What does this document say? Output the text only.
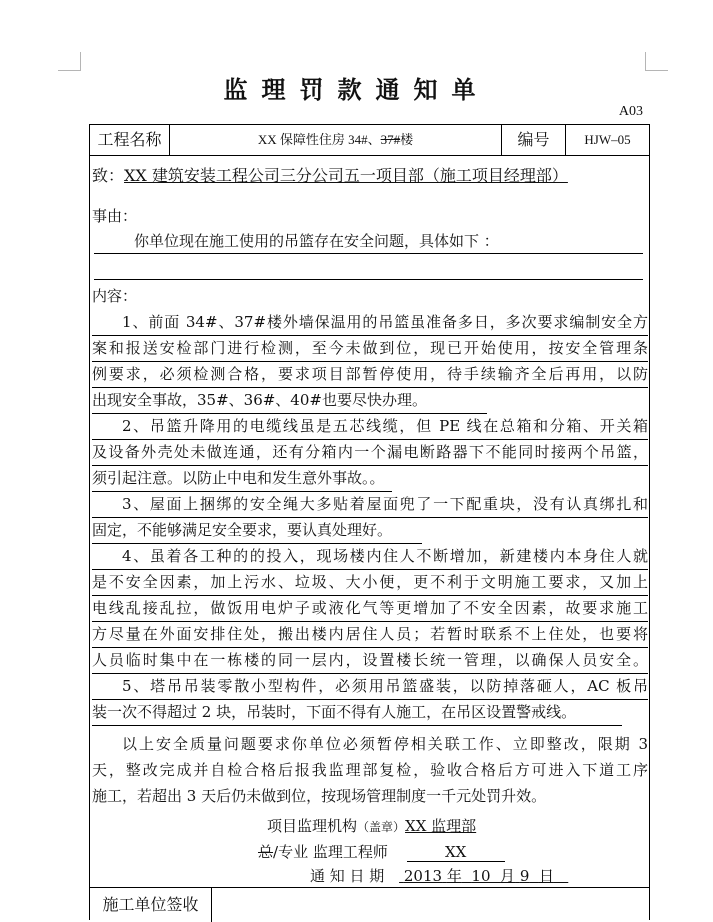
监理罚款通知单
A03
工程名称	XX 保障性住房 34#、37#楼	编号	HJW–05
致：XX 建筑安装工程公司三分公司五一项目部（施工项目经理部）
事由：
你单位现在施工使用的吊篮存在安全问题，具体如下 ：
内容：
1、前面 34#、37#楼外墙保温用的吊篮虽准备多日，多次要求编制安全方
案和报送安检部门进行检测，至今未做到位，现已开始使用，按安全管理条
例要求，必须检测合格，要求项目部暂停使用，待手续输齐全后再用，以防
出现安全事故，35#、36#、40#也要尽快办理。
2、吊篮升降用的电缆线虽是五芯线缆，但 PE 线在总箱和分箱、开关箱
及设备外壳处未做连通，还有分箱内一个漏电断路器下不能同时接两个吊篮，
须引起注意。以防止中电和发生意外事故。。
3、屋面上捆绑的安全绳大多贴着屋面兜了一下配重块，没有认真绑扎和
固定，不能够满足安全要求，要认真处理好。
4、虽着各工种的的投入，现场楼内住人不断增加，新建楼内本身住人就
是不安全因素，加上污水、垃圾、大小便，更不利于文明施工要求，又加上
电线乱接乱拉，做饭用电炉子或液化气等更增加了不安全因素，故要求施工
方尽量在外面安排住处，搬出楼内居住人员；若暂时联系不上住处，也要将
人员临时集中在一栋楼的同一层内，设置楼长统一管理，以确保人员安全。
5、塔吊吊装零散小型构件，必须用吊篮盛装，以防掉落砸人，AC 板吊
装一次不得超过 2 块，吊装时，下面不得有人施工，在吊区设置警戒线。
以上安全质量问题要求你单位必须暂停相关联工作、立即整改，限期 3
天，整改完成并自检合格后报我监理部复检，验收合格后方可进入下道工序
施工，若超出 3 天后仍未做到位，按现场管理制度一千元处罚升效。
项目监理机构（盖章）XX 监理部
总/专业 监理工程师	XX
通 知 日 期 2013 年 10 月 9 日
施工单位签收
